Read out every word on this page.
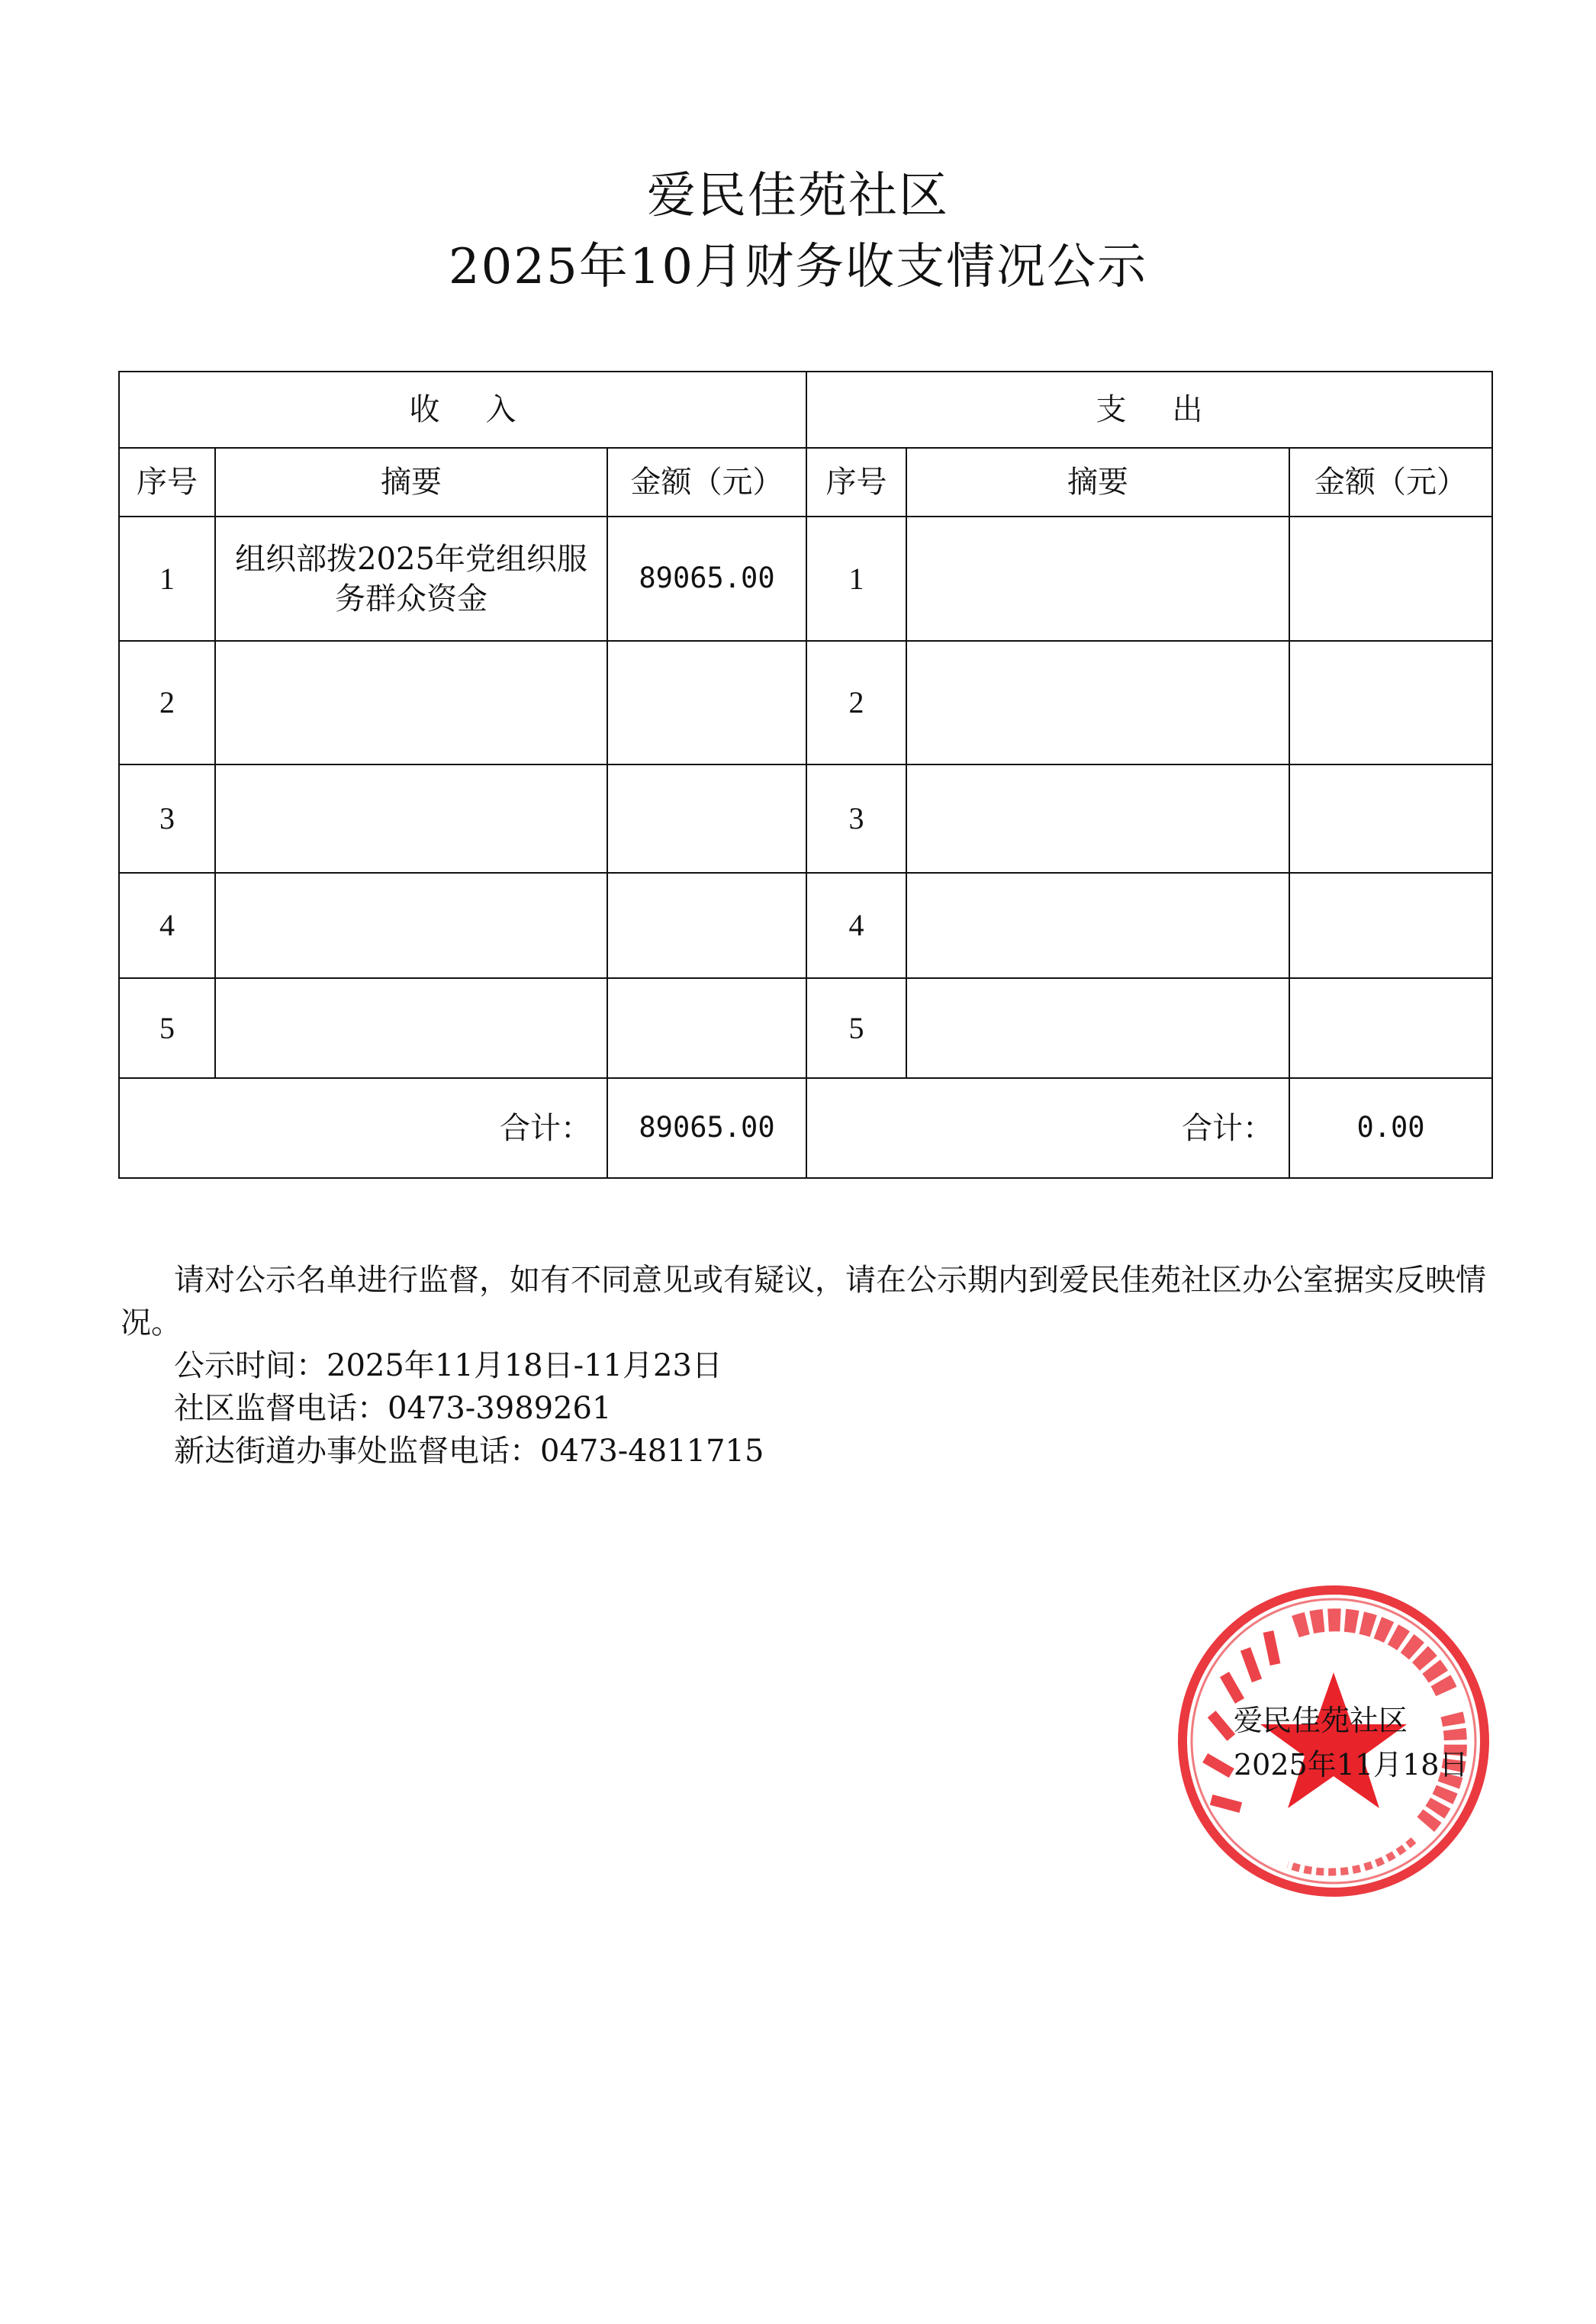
爱民佳苑社区
2025年10月财务收支情况公示
收入			支出		
序号	摘要	金额（元）	序号	摘要	金额（元）
1	组织部拨2025年党组织服务群众资金	89065.00	1		
2			2		
3			3		
4			4		
5			5		
合计：		89065.00	合计：		0.00

请对公示名单进行监督，如有不同意见或有疑议，请在公示期内到爱民佳苑社区办公室据实反映情况。

公示时间：2025年11月18日-11月23日

社区监督电话：0473-3989261

新达街道办事处监督电话：0473-4811715

爱民佳苑社区
2025年11月18日
